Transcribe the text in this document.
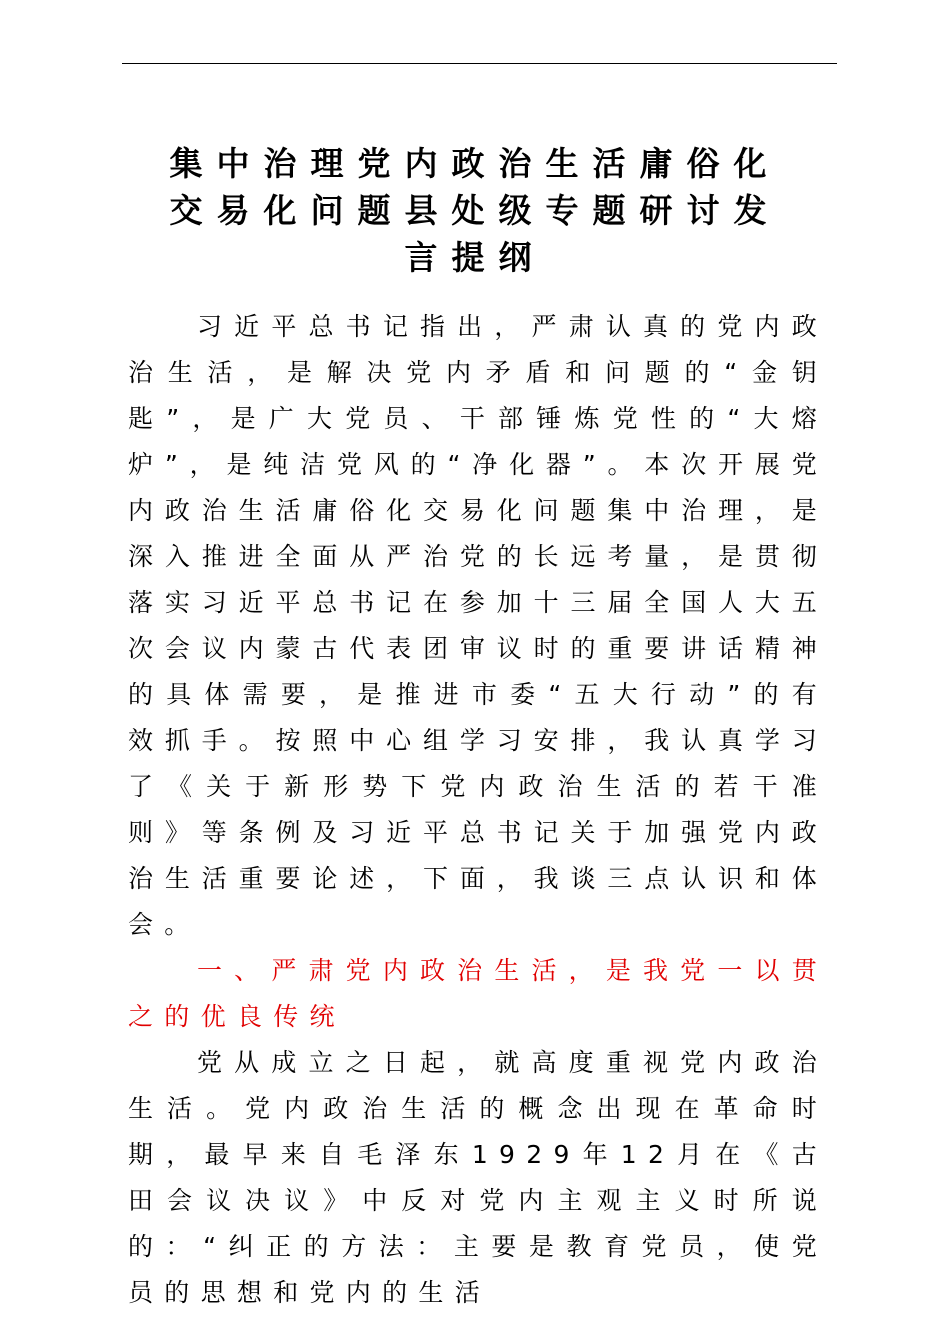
集中治理党内政治生活庸俗化
交易化问题县处级专题研讨发
言提纲

习近平总书记指出，严肃认真的党内政治生活，是解决党内矛盾和问题的“金钥匙”，是广大党员、干部锤炼党性的“大熔炉”，是纯洁党风的“净化器”。本次开展党内政治生活庸俗化交易化问题集中治理，是深入推进全面从严治党的长远考量，是贯彻落实习近平总书记在参加十三届全国人大五次会议内蒙古代表团审议时的重要讲话精神的具体需要，是推进市委“五大行动”的有效抓手。按照中心组学习安排，我认真学习了《关于新形势下党内政治生活的若干准则》等条例及习近平总书记关于加强党内政治生活重要论述，下面，我谈三点认识和体会。

一、严肃党内政治生活，是我党一以贯之的优良传统

党从成立之日起，就高度重视党内政治生活。党内政治生活的概念出现在革命时期，最早来自毛泽东1929年12月在《古田会议决议》中反对党内主观主义时所说的：“纠正的方法：主要是教育党员，使党员的思想和党内的生活
